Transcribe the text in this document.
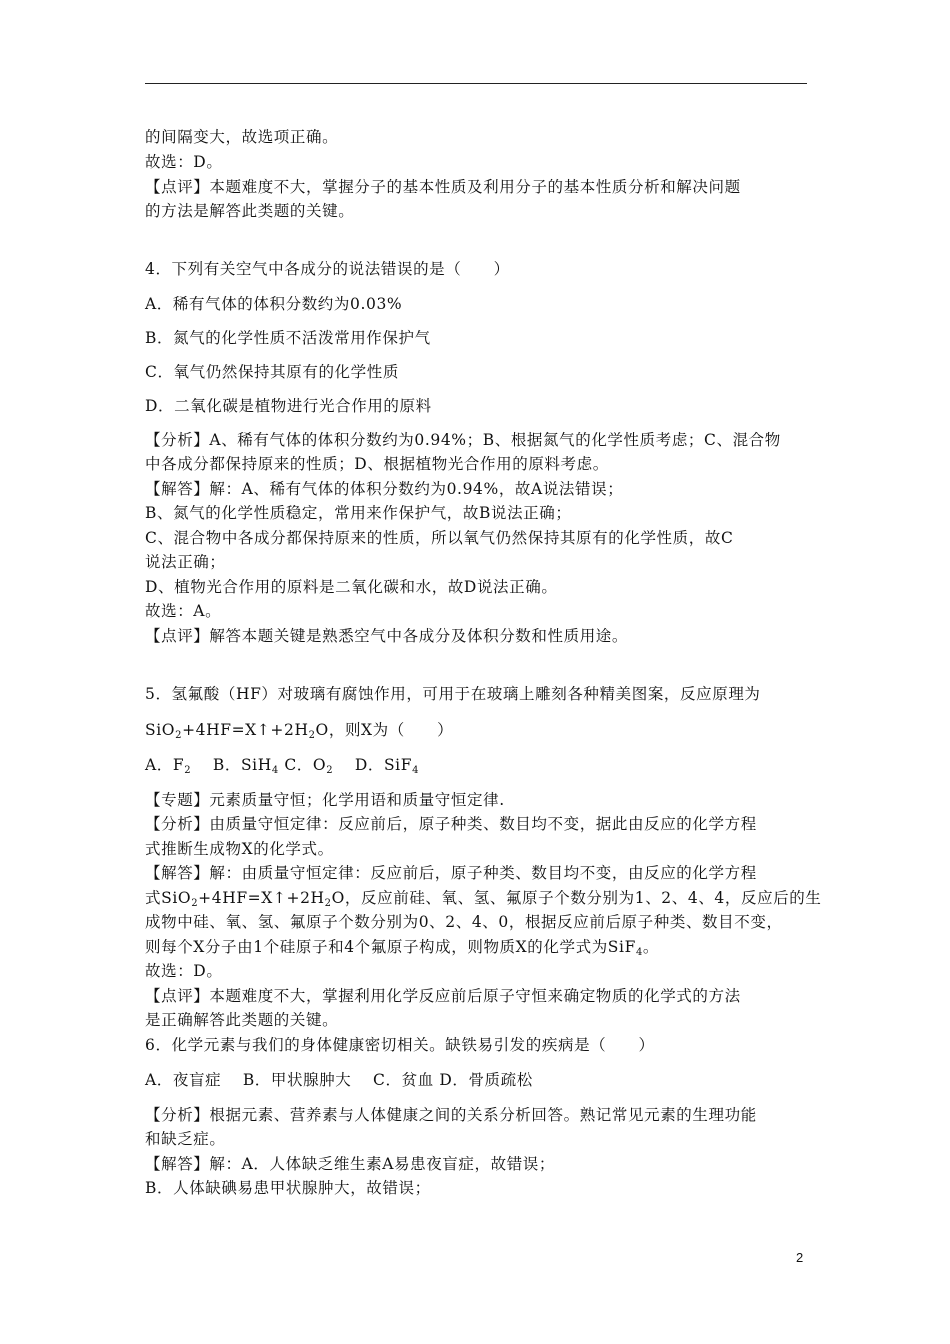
的间隔变大，故选项正确。
故选：D。
【点评】本题难度不大，掌握分子的基本性质及利用分子的基本性质分析和解决问题
的方法是解答此类题的关键。
4．下列有关空气中各成分的说法错误的是（　　）
A．稀有气体的体积分数约为0.03%
B．氮气的化学性质不活泼常用作保护气
C．氧气仍然保持其原有的化学性质
D．二氧化碳是植物进行光合作用的原料
【分析】A、稀有气体的体积分数约为0.94%；B、根据氮气的化学性质考虑；C、混合物
中各成分都保持原来的性质；D、根据植物光合作用的原料考虑。
【解答】解：A、稀有气体的体积分数约为0.94%，故A说法错误；
B、氮气的化学性质稳定，常用来作保护气，故B说法正确；
C、混合物中各成分都保持原来的性质，所以氧气仍然保持其原有的化学性质，故C
说法正确；
D、植物光合作用的原料是二氧化碳和水，故D说法正确。
故选：A。
【点评】解答本题关键是熟悉空气中各成分及体积分数和性质用途。
5．氢氟酸（HF）对玻璃有腐蚀作用，可用于在玻璃上雕刻各种精美图案，反应原理为
$SiO_2+4HF=X↑+2H_2O$，则X为（　　）
A．$F_2$　 B．SiH$_4$ C．$O_2$　 D．SiF$_4$
【专题】元素质量守恒；化学用语和质量守恒定律.
【分析】由质量守恒定律：反应前后，原子种类、数目均不变，据此由反应的化学方程
式推断生成物X的化学式。
【解答】解：由质量守恒定律：反应前后，原子种类、数目均不变，由反应的化学方程
式$SiO_2+4HF=X↑+2H_2O$，反应前硅、氧、氢、氟原子个数分别为1、2、4、4，反应后的生
成物中硅、氧、氢、氟原子个数分别为0、2、4、0，根据反应前后原子种类、数目不变，
则每个X分子由1个硅原子和4个氟原子构成，则物质X的化学式为SiF$_4$。
故选：D。
【点评】本题难度不大，掌握利用化学反应前后原子守恒来确定物质的化学式的方法
是正确解答此类题的关键。
6．化学元素与我们的身体健康密切相关。缺铁易引发的疾病是（　　）
A．夜盲症　 B．甲状腺肿大　 C．贫血 D．骨质疏松
【分析】根据元素、营养素与人体健康之间的关系分析回答。熟记常见元素的生理功能
和缺乏症。
【解答】解：A．人体缺乏维生素A易患夜盲症，故错误；
B．人体缺碘易患甲状腺肿大，故错误；
2
